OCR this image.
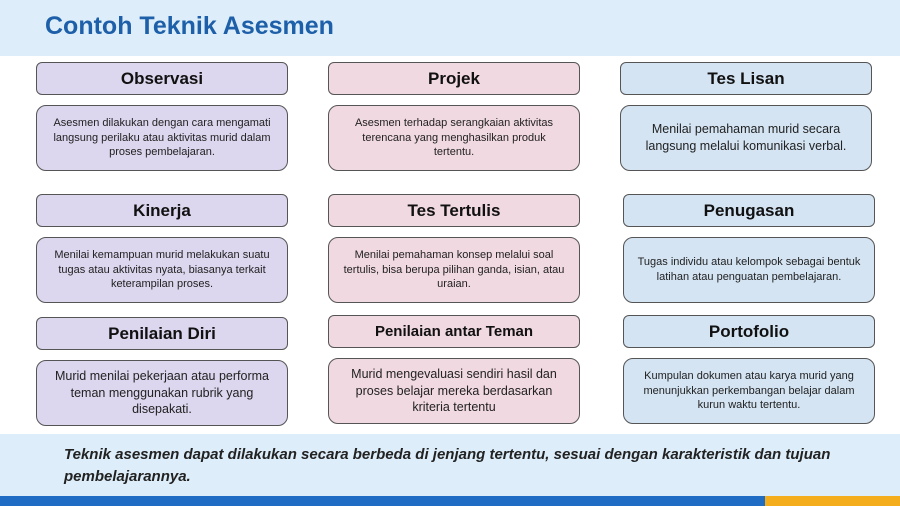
Contoh Teknik Asesmen
Observasi
Asesmen dilakukan dengan cara mengamati langsung perilaku atau aktivitas murid dalam proses pembelajaran.
Projek
Asesmen terhadap serangkaian aktivitas terencana yang menghasilkan produk tertentu.
Tes Lisan
Menilai pemahaman murid secara langsung melalui komunikasi verbal.
Kinerja
Menilai kemampuan murid melakukan suatu tugas atau aktivitas nyata, biasanya terkait keterampilan proses.
Tes Tertulis
Menilai pemahaman konsep melalui soal tertulis, bisa berupa pilihan ganda, isian, atau uraian.
Penugasan
Tugas individu atau kelompok sebagai bentuk latihan atau penguatan pembelajaran.
Penilaian Diri
Murid menilai pekerjaan atau performa teman menggunakan rubrik yang disepakati.
Penilaian antar Teman
Murid mengevaluasi sendiri hasil dan proses belajar mereka berdasarkan kriteria tertentu
Portofolio
Kumpulan dokumen atau karya murid yang menunjukkan perkembangan belajar dalam kurun waktu tertentu.
Teknik asesmen dapat dilakukan secara berbeda di jenjang tertentu, sesuai dengan karakteristik dan tujuan pembelajarannya.
